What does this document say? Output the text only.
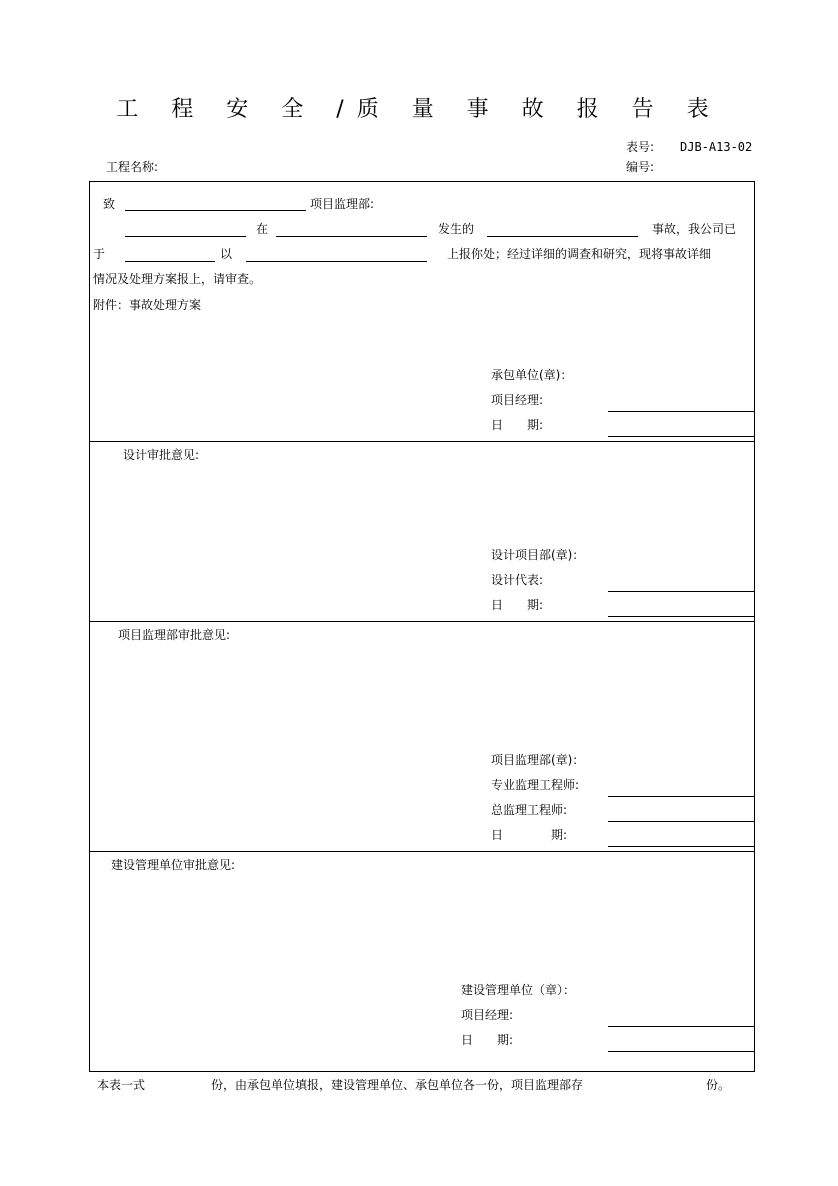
工 程 安 全 /质 量 事 故 报 告 表
表号: DJB-A13-02
编号:
工程名称:
致	项目监理部:
在	发生的	事故，我公司已
于	以	上报你处；经过详细的调查和研究，现将事故详细
情况及处理方案报上，请审查。
附件：事故处理方案
承包单位(章)：
项目经理:
日　　期:
设计审批意见:
设计项目部(章)：
设计代表:
日　　期:
项目监理部审批意见:
项目监理部(章)：
专业监理工程师:
总监理工程师:
日　　　　期:
建设管理单位审批意见:
建设管理单位（章）：
项目经理:
日　　期:
本表一式	份，由承包单位填报，建设管理单位、承包单位各一份，项目监理部存	份。
